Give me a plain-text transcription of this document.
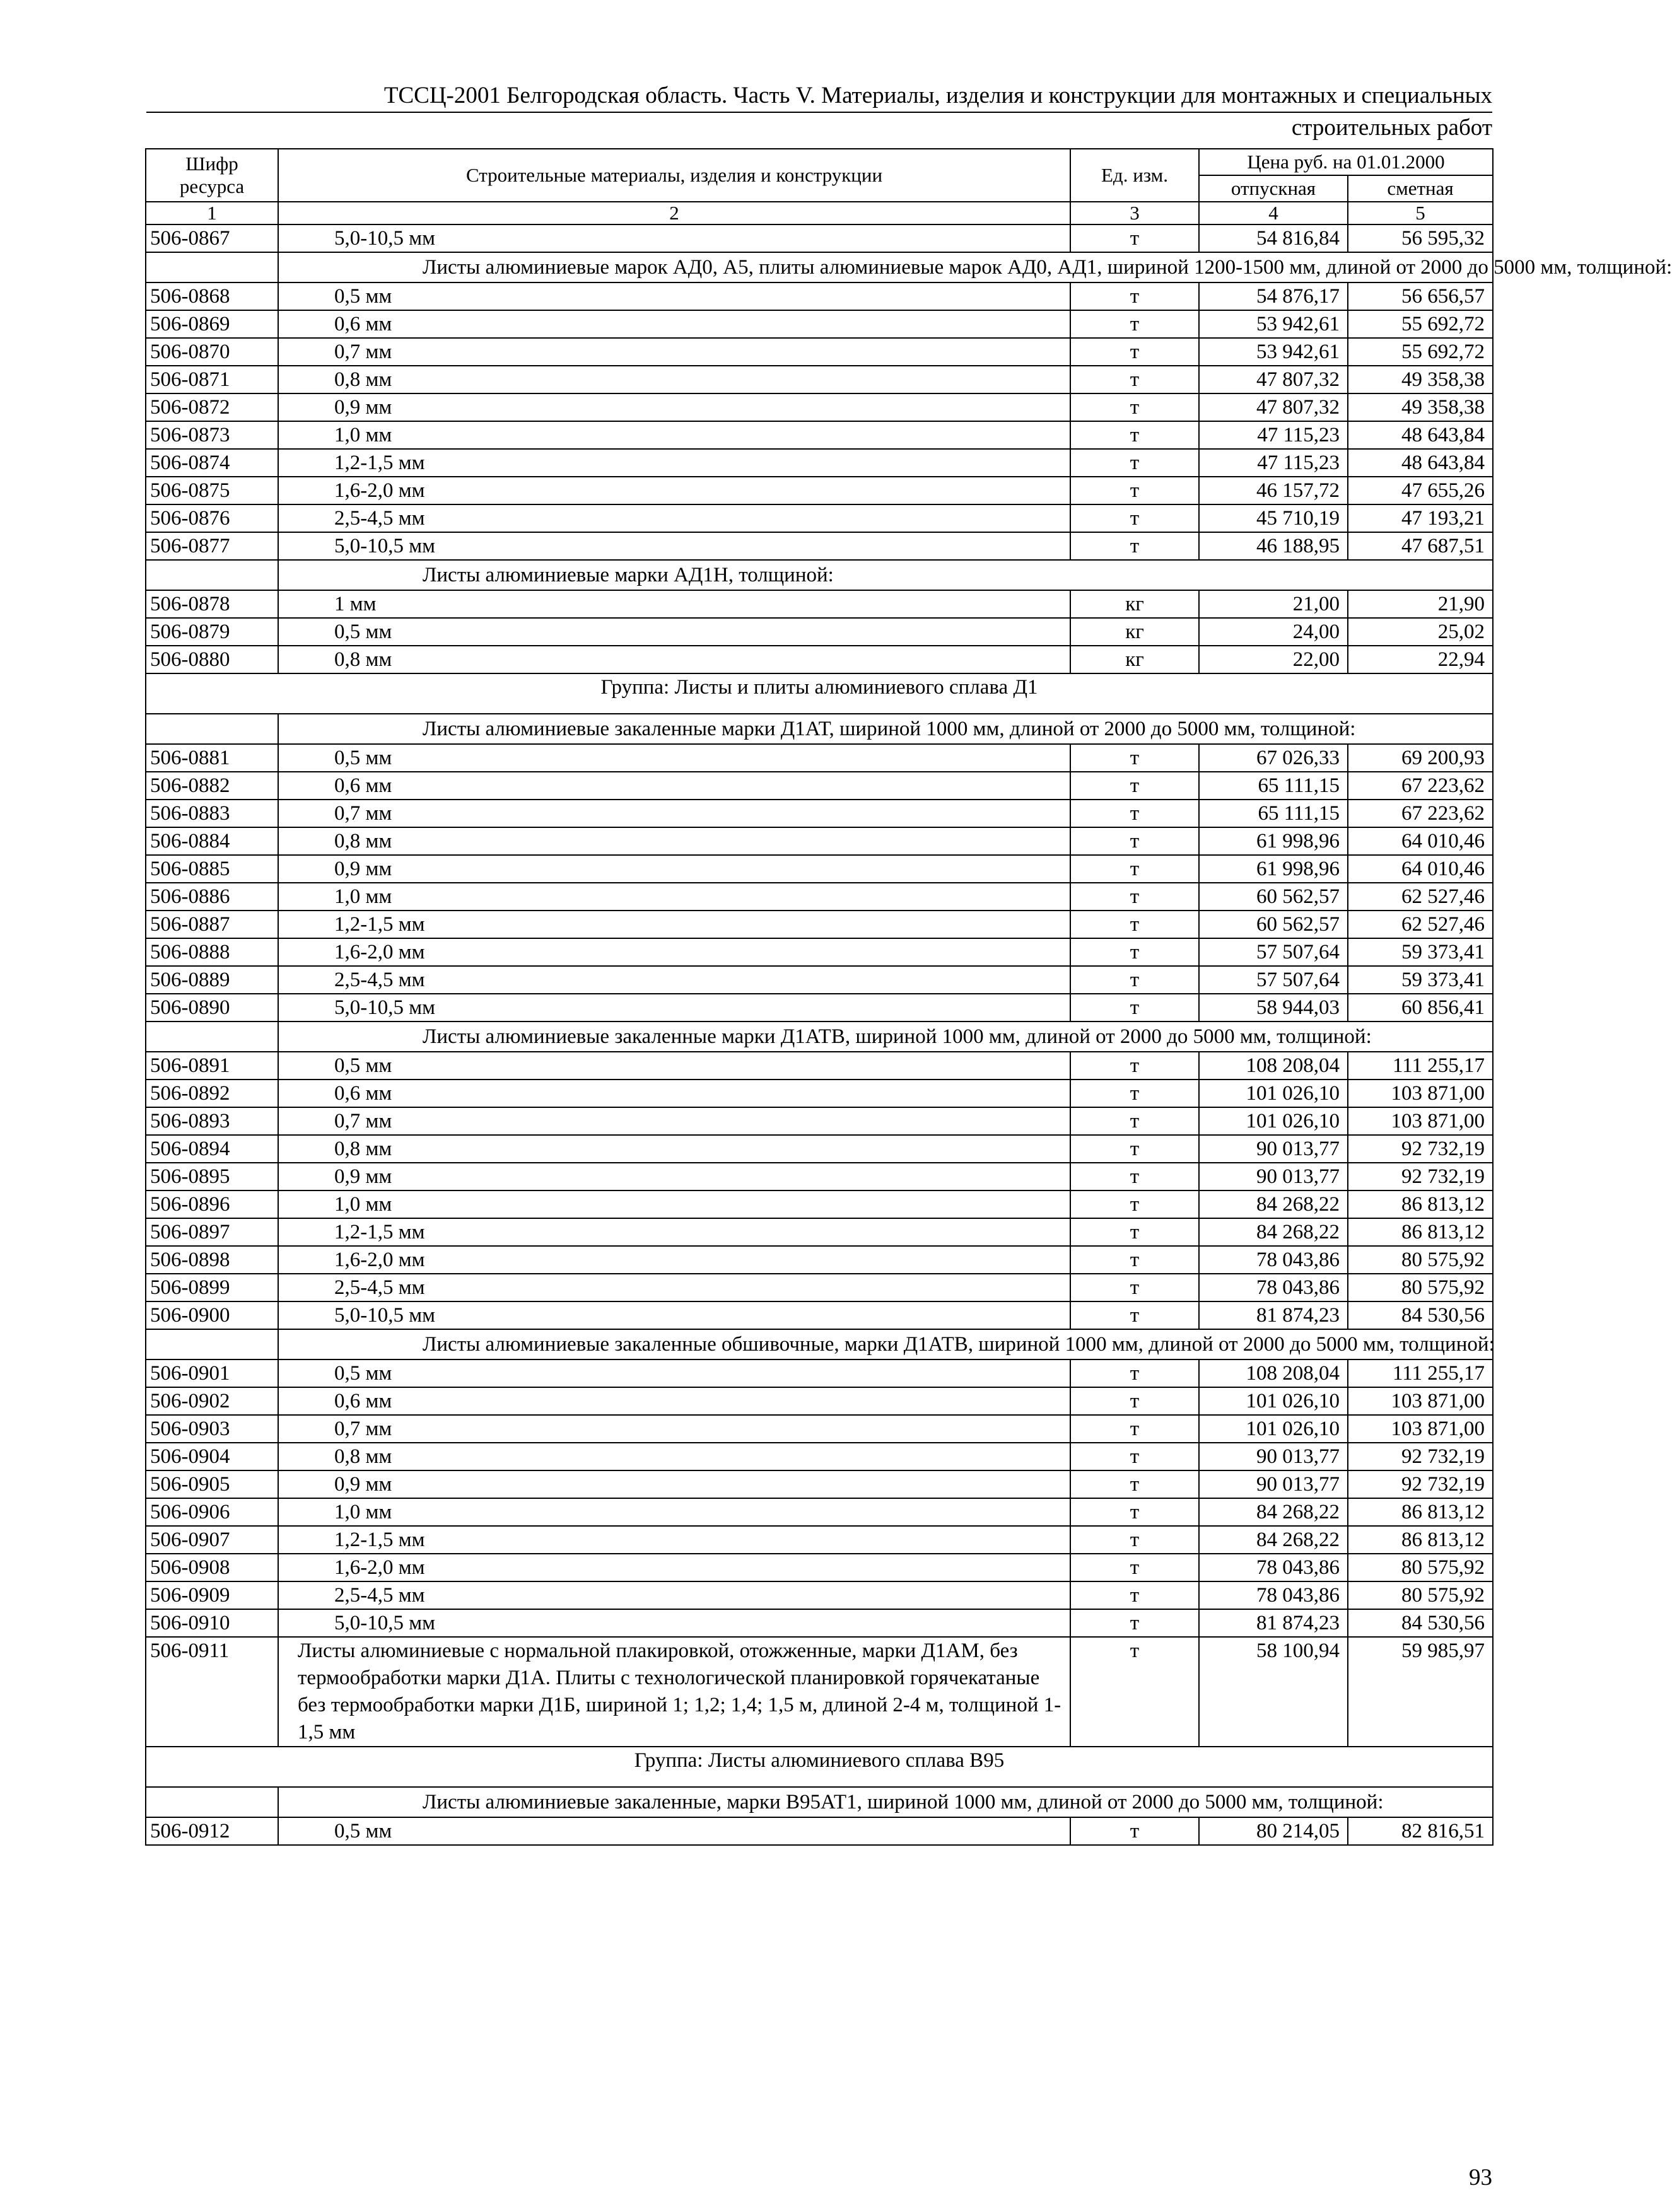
ТССЦ-2001 Белгородская область. Часть V. Материалы, изделия и конструкции для монтажных и специальных
строительных работ
Шифр ресурса	Строительные материалы, изделия и конструкции	Ед. изм.	Цена руб. на 01.01.2000	
			отпускная	сметная
1	2	3	4	5
506-0867	5,0-10,5 мм	т	54 816,84	56 595,32
	Листы алюминиевые марок АД0, А5, плиты алюминиевые марок АД0, АД1, шириной 1200-1500 мм, длиной от 2000 до 5000 мм, толщиной:			
506-0868	0,5 мм	т	54 876,17	56 656,57
506-0869	0,6 мм	т	53 942,61	55 692,72
506-0870	0,7 мм	т	53 942,61	55 692,72
506-0871	0,8 мм	т	47 807,32	49 358,38
506-0872	0,9 мм	т	47 807,32	49 358,38
506-0873	1,0 мм	т	47 115,23	48 643,84
506-0874	1,2-1,5 мм	т	47 115,23	48 643,84
506-0875	1,6-2,0 мм	т	46 157,72	47 655,26
506-0876	2,5-4,5 мм	т	45 710,19	47 193,21
506-0877	5,0-10,5 мм	т	46 188,95	47 687,51
	Листы алюминиевые марки АД1Н, толщиной:			
506-0878	1 мм	кг	21,00	21,90
506-0879	0,5 мм	кг	24,00	25,02
506-0880	0,8 мм	кг	22,00	22,94
Группа: Листы и плиты алюминиевого сплава Д1				
	Листы алюминиевые закаленные марки Д1АТ, шириной 1000 мм, длиной от 2000 до 5000 мм, толщиной:			
506-0881	0,5 мм	т	67 026,33	69 200,93
506-0882	0,6 мм	т	65 111,15	67 223,62
506-0883	0,7 мм	т	65 111,15	67 223,62
506-0884	0,8 мм	т	61 998,96	64 010,46
506-0885	0,9 мм	т	61 998,96	64 010,46
506-0886	1,0 мм	т	60 562,57	62 527,46
506-0887	1,2-1,5 мм	т	60 562,57	62 527,46
506-0888	1,6-2,0 мм	т	57 507,64	59 373,41
506-0889	2,5-4,5 мм	т	57 507,64	59 373,41
506-0890	5,0-10,5 мм	т	58 944,03	60 856,41
	Листы алюминиевые закаленные марки Д1АТВ, шириной 1000 мм, длиной от 2000 до 5000 мм, толщиной:			
506-0891	0,5 мм	т	108 208,04	111 255,17
506-0892	0,6 мм	т	101 026,10	103 871,00
506-0893	0,7 мм	т	101 026,10	103 871,00
506-0894	0,8 мм	т	90 013,77	92 732,19
506-0895	0,9 мм	т	90 013,77	92 732,19
506-0896	1,0 мм	т	84 268,22	86 813,12
506-0897	1,2-1,5 мм	т	84 268,22	86 813,12
506-0898	1,6-2,0 мм	т	78 043,86	80 575,92
506-0899	2,5-4,5 мм	т	78 043,86	80 575,92
506-0900	5,0-10,5 мм	т	81 874,23	84 530,56
	Листы алюминиевые закаленные обшивочные, марки Д1АТВ, шириной 1000 мм, длиной от 2000 до 5000 мм, толщиной:			
506-0901	0,5 мм	т	108 208,04	111 255,17
506-0902	0,6 мм	т	101 026,10	103 871,00
506-0903	0,7 мм	т	101 026,10	103 871,00
506-0904	0,8 мм	т	90 013,77	92 732,19
506-0905	0,9 мм	т	90 013,77	92 732,19
506-0906	1,0 мм	т	84 268,22	86 813,12
506-0907	1,2-1,5 мм	т	84 268,22	86 813,12
506-0908	1,6-2,0 мм	т	78 043,86	80 575,92
506-0909	2,5-4,5 мм	т	78 043,86	80 575,92
506-0910	5,0-10,5 мм	т	81 874,23	84 530,56
506-0911	Листы алюминиевые с нормальной плакировкой, отожженные, марки Д1АМ, без термообработки марки Д1А. Плиты с технологической планировкой горячекатаные без термообработки марки Д1Б, шириной 1; 1,2; 1,4; 1,5 м, длиной 2-4 м, толщиной 1-1,5 мм	т	58 100,94	59 985,97
Группа: Листы алюминиевого сплава В95				
	Листы алюминиевые закаленные, марки В95АТ1, шириной 1000 мм, длиной от 2000 до 5000 мм, толщиной:			
506-0912	0,5 мм	т	80 214,05	82 816,51
93
